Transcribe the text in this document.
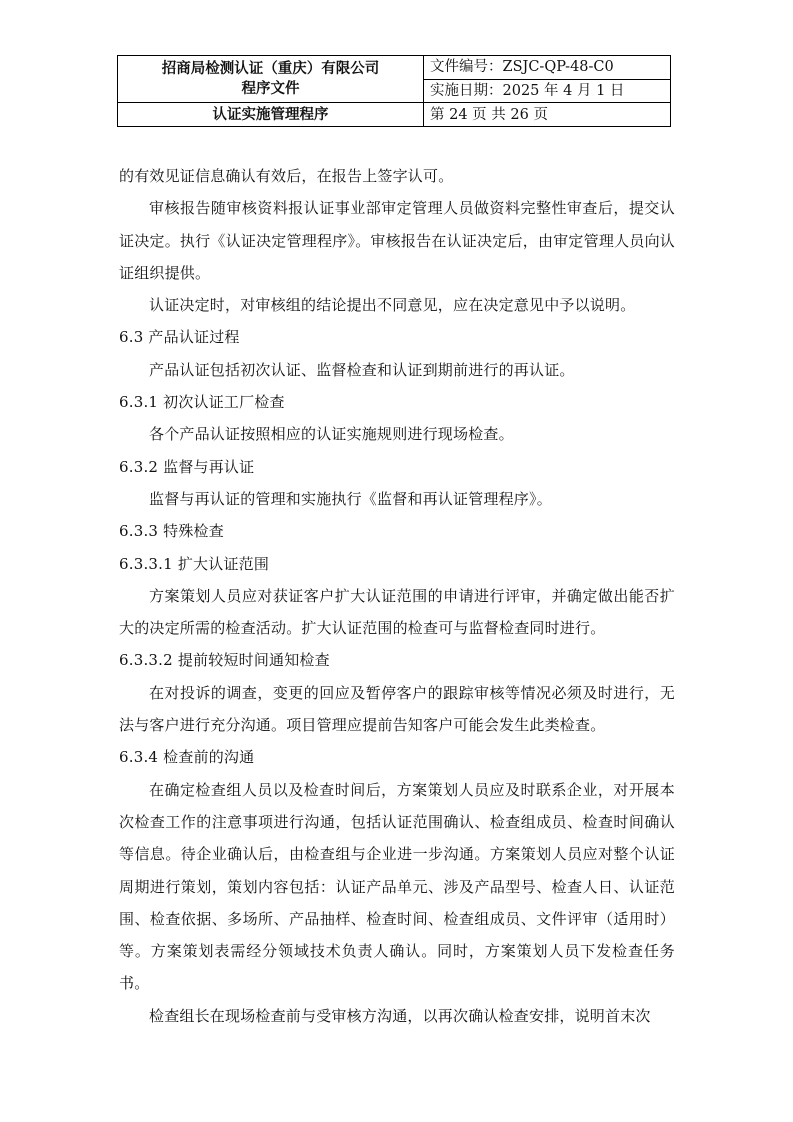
招商局检测认证（重庆）有限公司
程序文件	文件编号：ZSJC-QP-48-C0
	实施日期：2025 年 4 月 1 日
认证实施管理程序	第 24 页 共 26 页

的有效见证信息确认有效后，在报告上签字认可。

审核报告随审核资料报认证事业部审定管理人员做资料完整性审查后，提交认证决定。执行《认证决定管理程序》。审核报告在认证决定后，由审定管理人员向认证组织提供。

认证决定时，对审核组的结论提出不同意见，应在决定意见中予以说明。

6.3 产品认证过程

产品认证包括初次认证、监督检查和认证到期前进行的再认证。

6.3.1 初次认证工厂检查

各个产品认证按照相应的认证实施规则进行现场检查。

6.3.2 监督与再认证

监督与再认证的管理和实施执行《监督和再认证管理程序》。

6.3.3 特殊检查

6.3.3.1 扩大认证范围

方案策划人员应对获证客户扩大认证范围的申请进行评审，并确定做出能否扩大的决定所需的检查活动。扩大认证范围的检查可与监督检查同时进行。

6.3.3.2 提前较短时间通知检查

在对投诉的调查，变更的回应及暂停客户的跟踪审核等情况必须及时进行，无法与客户进行充分沟通。项目管理应提前告知客户可能会发生此类检查。

6.3.4 检查前的沟通

在确定检查组人员以及检查时间后，方案策划人员应及时联系企业，对开展本次检查工作的注意事项进行沟通，包括认证范围确认、检查组成员、检查时间确认等信息。待企业确认后，由检查组与企业进一步沟通。方案策划人员应对整个认证周期进行策划，策划内容包括：认证产品单元、涉及产品型号、检查人日、认证范围、检查依据、多场所、产品抽样、检查时间、检查组成员、文件评审（适用时）等。方案策划表需经分领域技术负责人确认。同时，方案策划人员下发检查任务书。

检查组长在现场检查前与受审核方沟通，以再次确认检查安排，说明首末次
